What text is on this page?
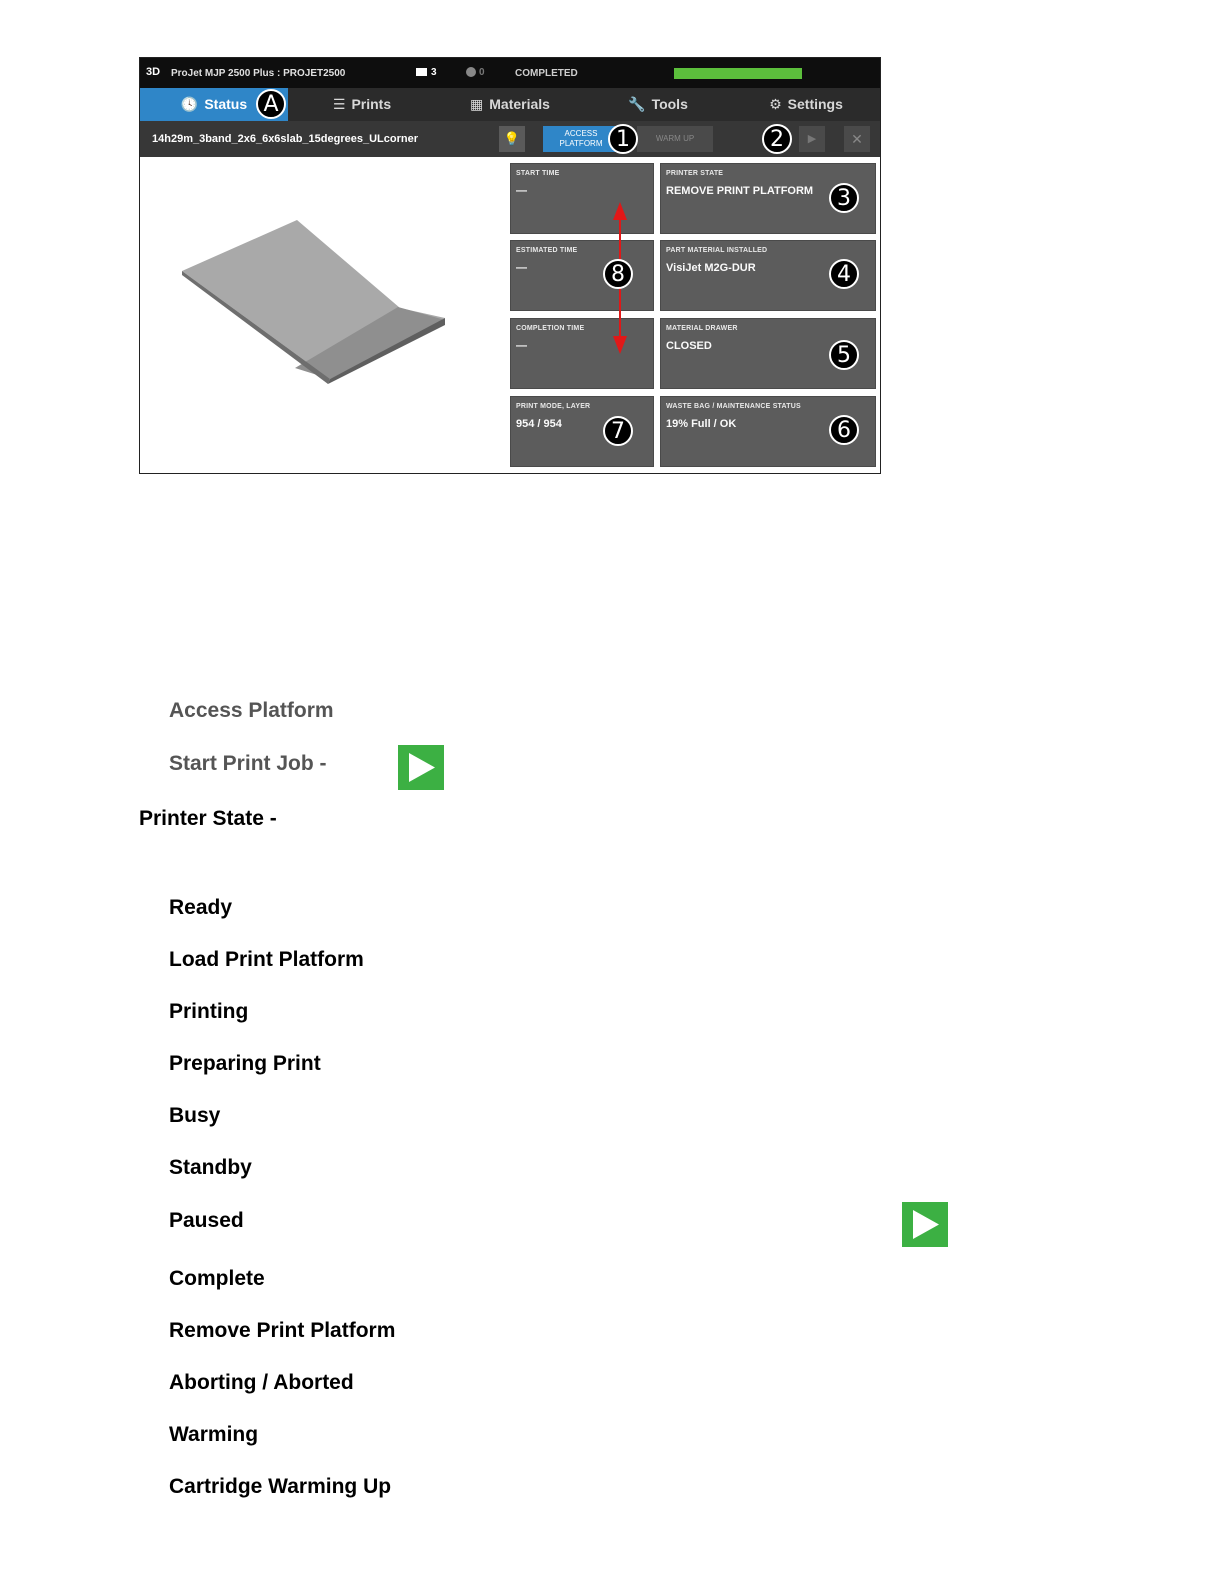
3D ProJet MJP 2500 Plus : PROJET2500	3	0	COMPLETED
🕓 Status	☰ Prints	▦ Materials	🔧 Tools	⚙ Settings
14h29m_3band_2x6_6x6slab_15degrees_ULcorner	💡	ACCESS
PLATFORM
WARM UP	▶	✕
START TIME
—
PRINTER STATE
REMOVE PRINT PLATFORM
ESTIMATED TIME
—
PART MATERIAL INSTALLED
VisiJet M2G-DUR
COMPLETION TIME
—
MATERIAL DRAWER
CLOSED
PRINT MODE, LAYER
954 / 954
WASTE BAG / MAINTENANCE STATUS
19% Full / OK
A
1	2
3
4
5
6
7
8
Access Platform
Start Print Job -
Printer State -
Ready
Load Print Platform
Printing
Preparing Print
Busy
Standby
Paused
Complete
Remove Print Platform
Aborting / Aborted
Warming
Cartridge Warming Up
